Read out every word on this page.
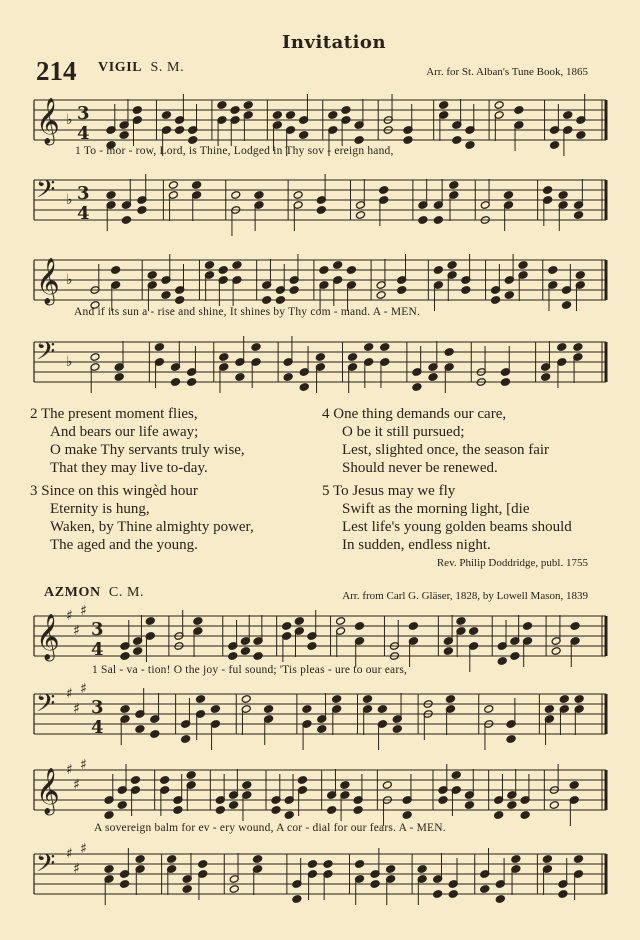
Invitation
214 VIGIL S. M.	Arr. for St. Alban's Tune Book, 1865
𝄞 ♭ 3
4
𝄢 ♭ 3
4
1 To - mor - row, Lord, is Thine, Lodged in Thy sov - ereign hand,
𝄞 ♭
𝄢 ♭
And if its sun a - rise and shine, It shines by Thy com - mand. A - MEN.
2 The present moment flies,
And bears our life away;
O make Thy servants truly wise,
That they may live to-day.
3 Since on this wingèd hour
Eternity is hung,
Waken, by Thine almighty power,
The aged and the young.
4 One thing demands our care,
O be it still pursued;
Lest, slighted once, the season fair
Should never be renewed.
5 To Jesus may we fly
Swift as the morning light, [die
Lest life's young golden beams should
In sudden, endless night.
Rev. Philip Doddridge, publ. 1755
AZMON C. M.	Arr. from Carl G. Gläser, 1828, by Lowell Mason, 1839
𝄞 ♯
♯
♯
3
4
𝄢 ♯
♯
♯
3
4
1 Sal - va - tion! O the joy - ful sound; 'Tis pleas - ure to our ears,
𝄞 ♯
♯
♯
𝄢 ♯
♯
♯
A sovereign balm for ev - ery wound, A cor - dial for our fears. A - MEN.
